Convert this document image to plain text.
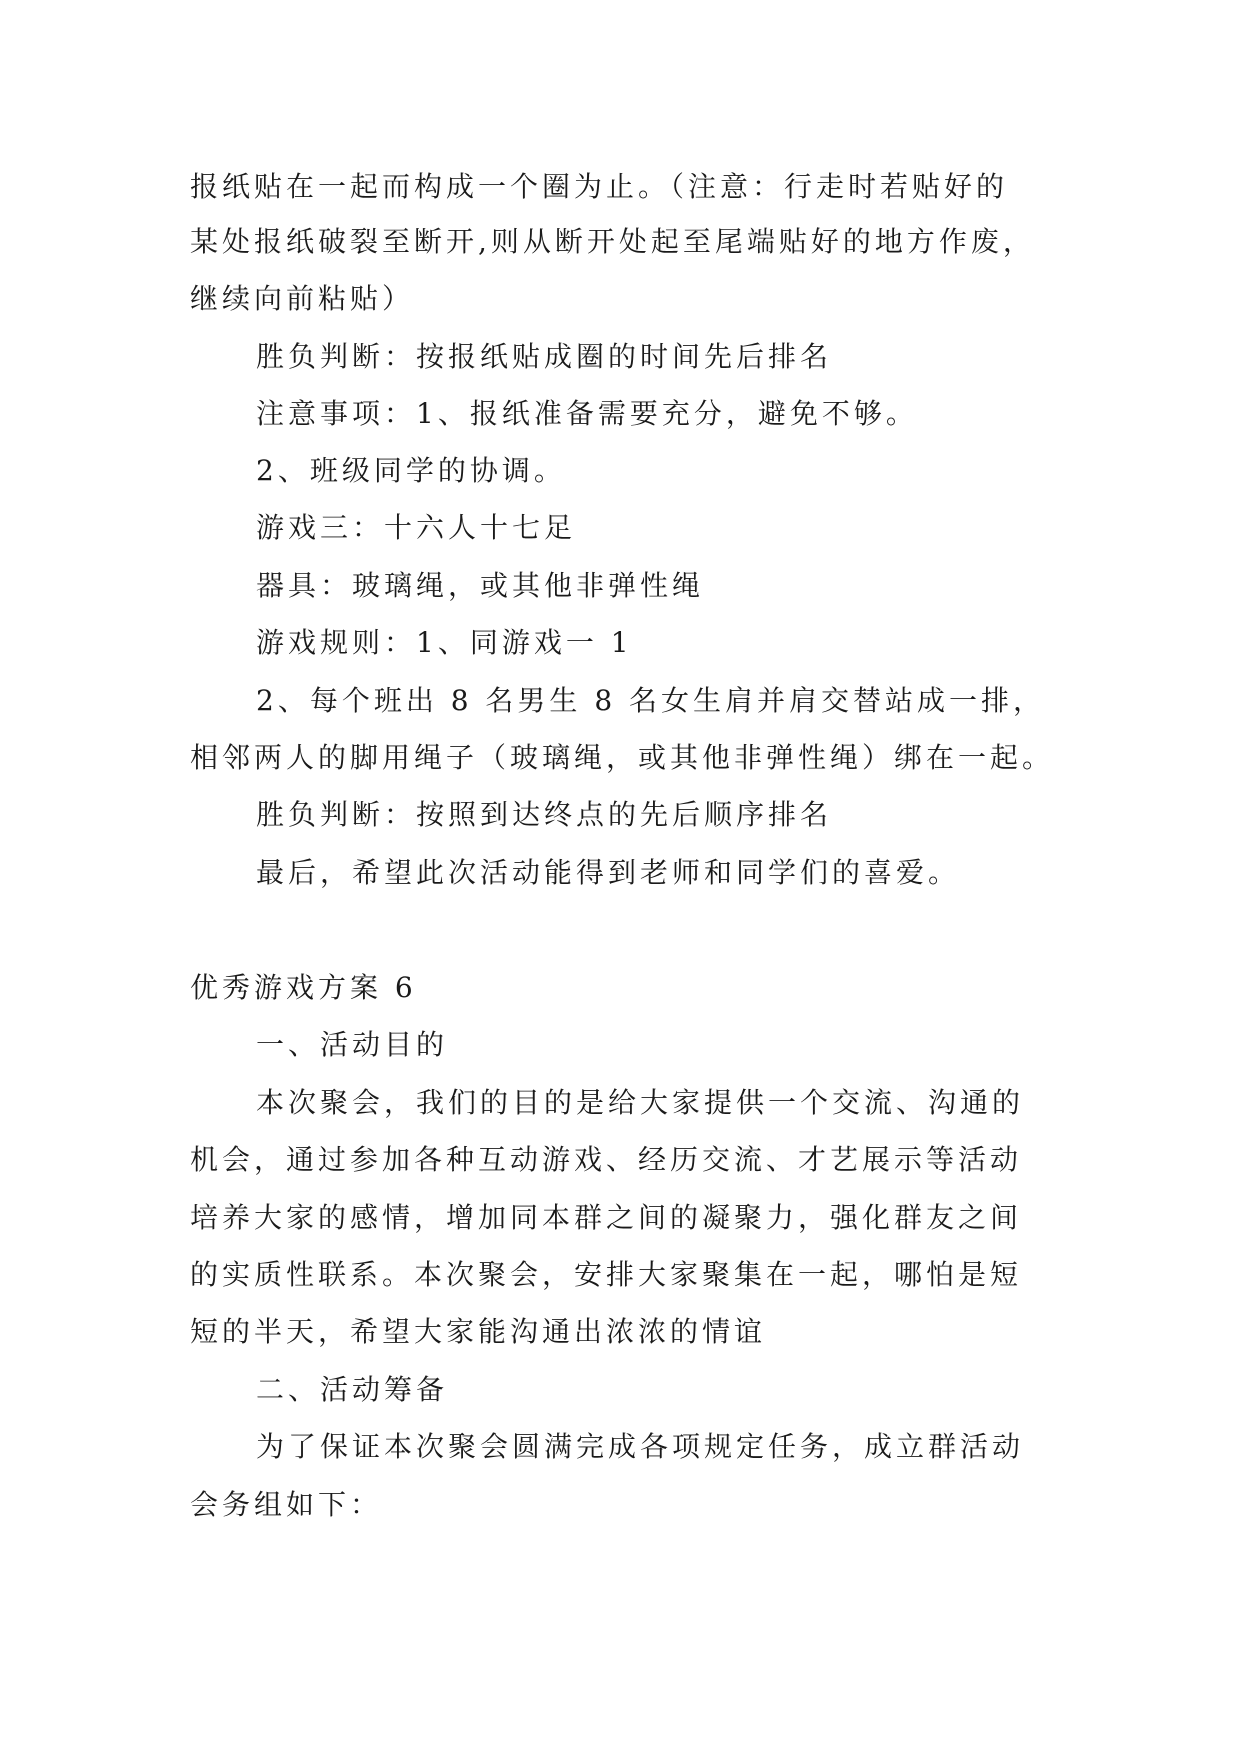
报纸贴在一起而构成一个圈为止。（注意：行走时若贴好的
某处报纸破裂至断开,则从断开处起至尾端贴好的地方作废，
继续向前粘贴）
胜负判断：按报纸贴成圈的时间先后排名
注意事项：1、报纸准备需要充分，避免不够。
2、班级同学的协调。
游戏三：十六人十七足
器具：玻璃绳，或其他非弹性绳
游戏规则：1、同游戏一 1
2、每个班出 8 名男生 8 名女生肩并肩交替站成一排，
相邻两人的脚用绳子（玻璃绳，或其他非弹性绳）绑在一起。
胜负判断：按照到达终点的先后顺序排名
最后，希望此次活动能得到老师和同学们的喜爱。
优秀游戏方案 6
一、活动目的
本次聚会，我们的目的是给大家提供一个交流、沟通的
机会，通过参加各种互动游戏、经历交流、才艺展示等活动
培养大家的感情，增加同本群之间的凝聚力，强化群友之间
的实质性联系。本次聚会，安排大家聚集在一起，哪怕是短
短的半天，希望大家能沟通出浓浓的情谊
二、活动筹备
为了保证本次聚会圆满完成各项规定任务，成立群活动
会务组如下：
